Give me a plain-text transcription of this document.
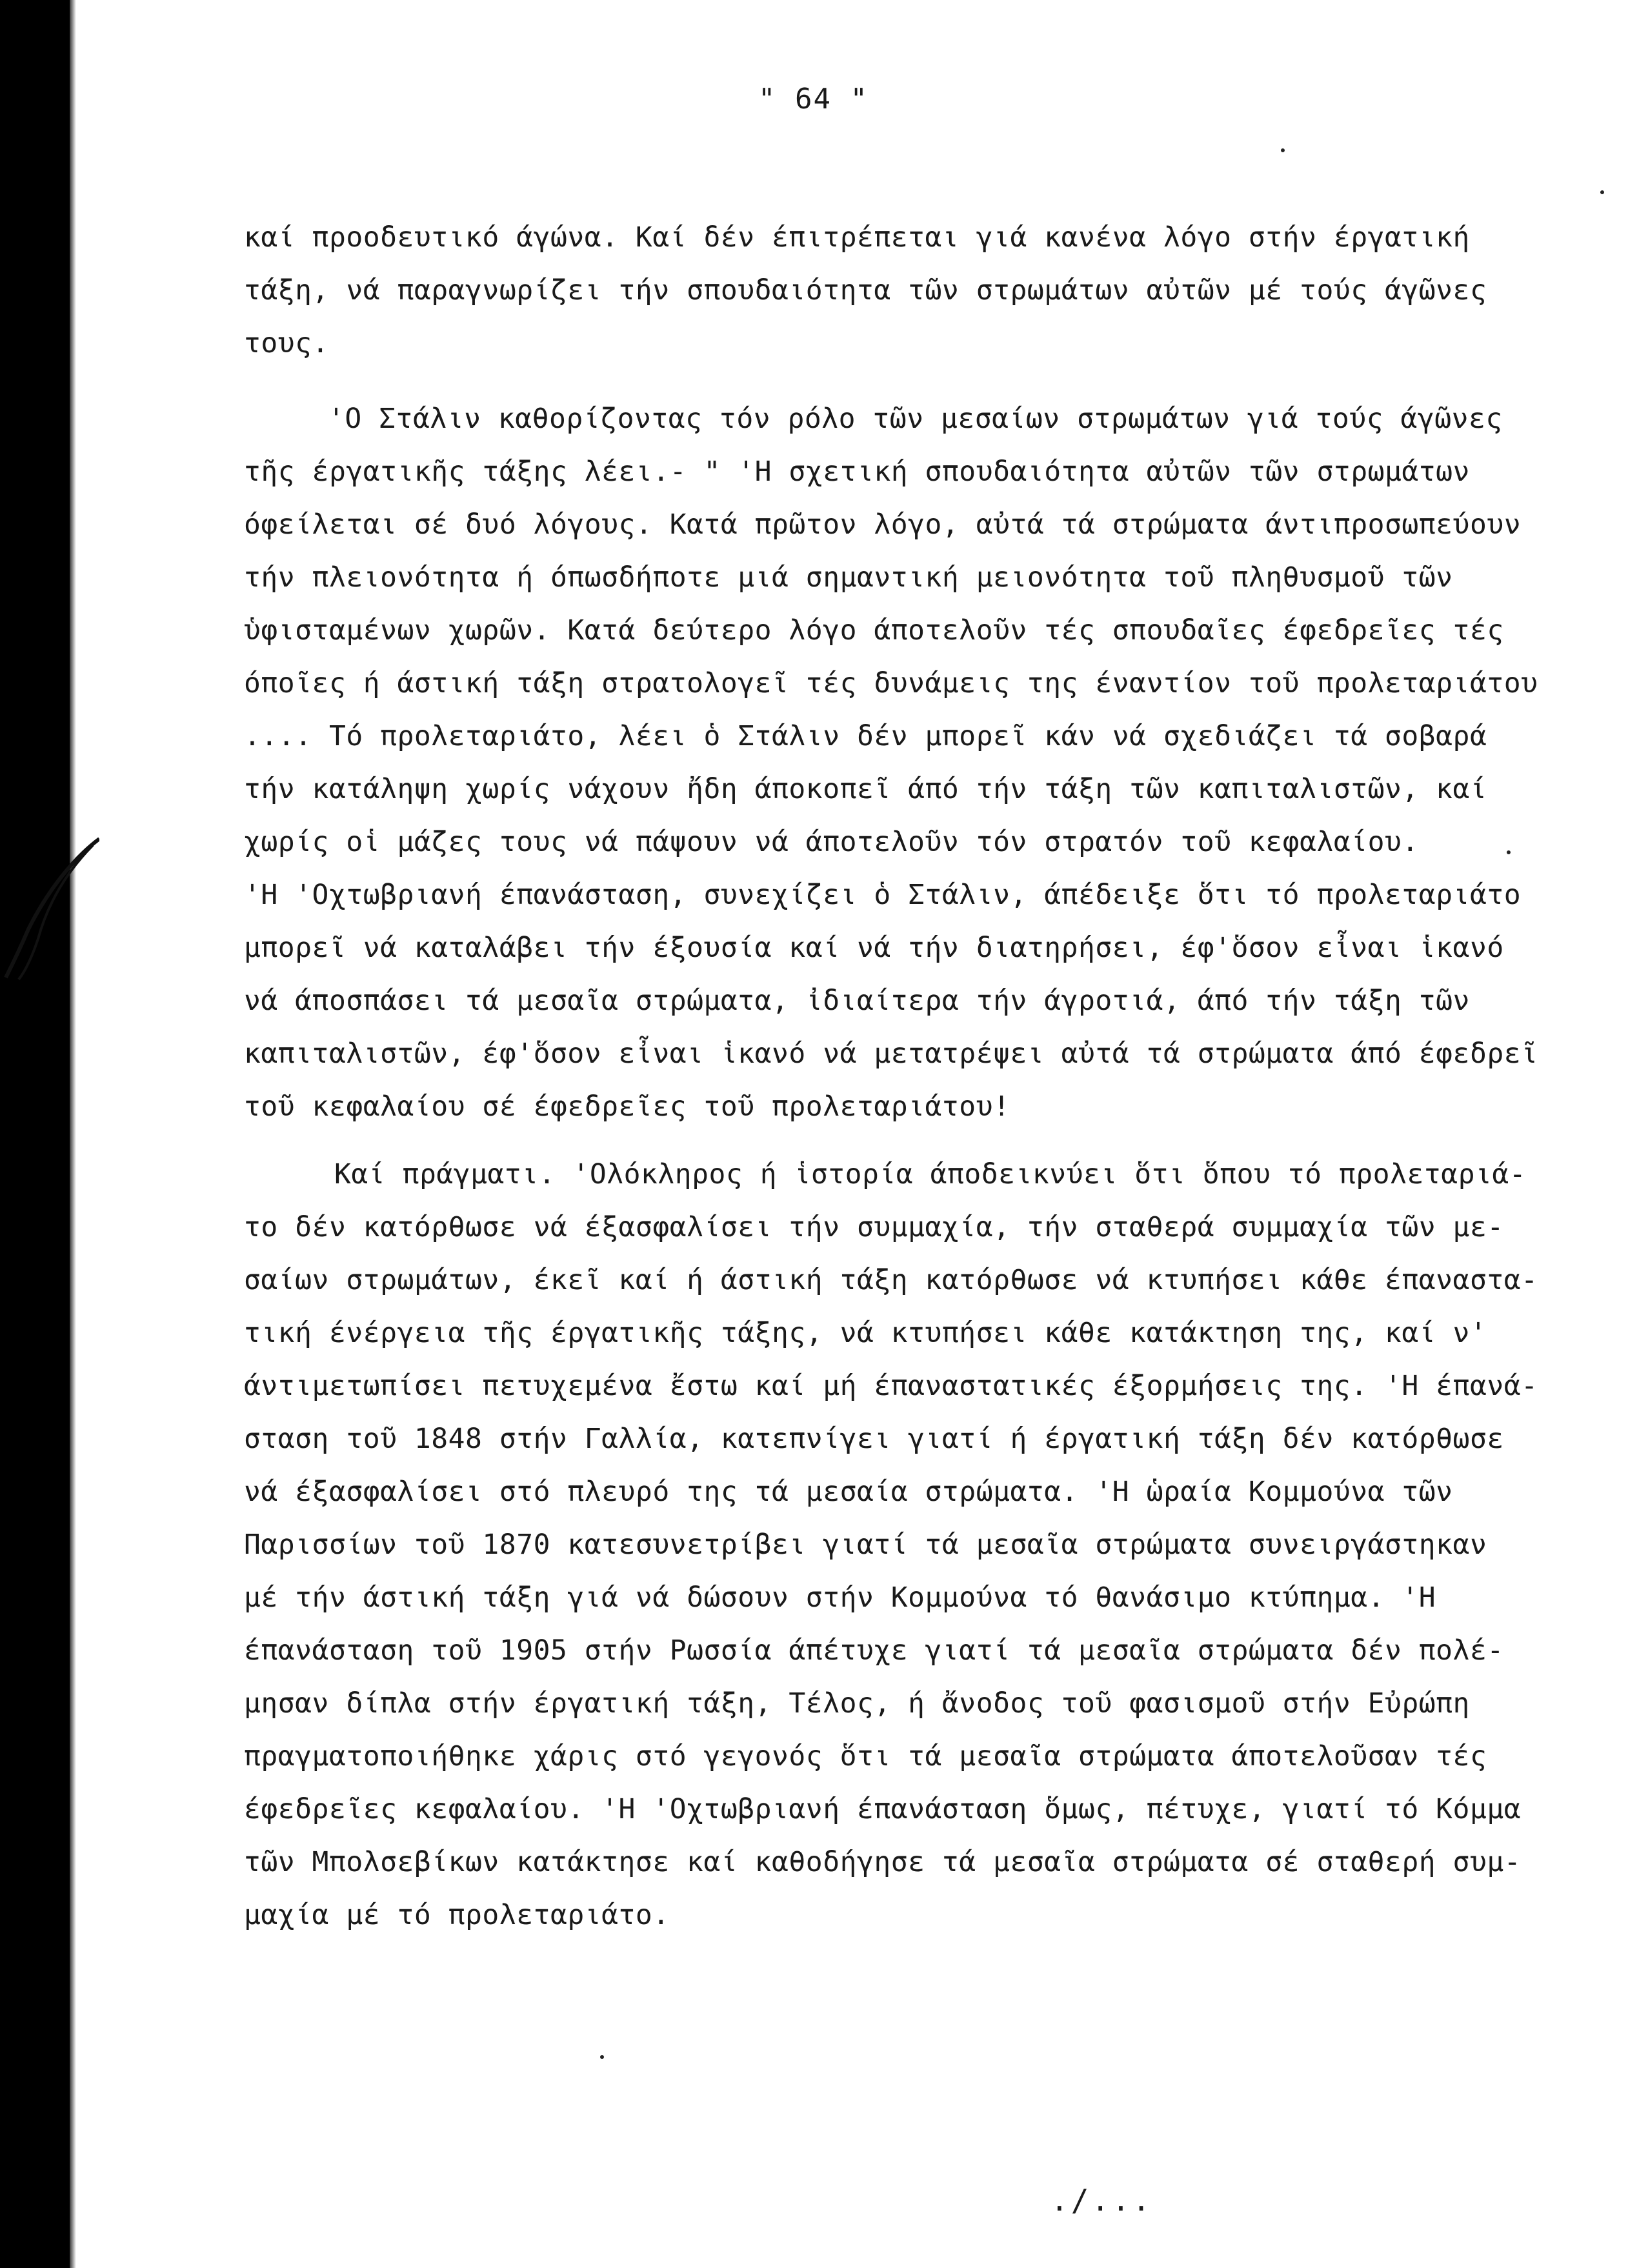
" 64 "
καί προοδευτικό άγώνα. Καί δέν έπιτρέπεται γιά κανένα λόγο στήν έργατική
τάξη, νά παραγνωρίζει τήν σπουδαιότητα τῶν στρωμάτων αὐτῶν μέ τούς άγῶνες
τους.
'Ο Στάλιν καθορίζοντας τόν ρόλο τῶν μεσαίων στρωμάτων γιά τούς άγῶνες
τῆς έργατικῆς τάξης λέει.- " 'Η σχετική σπουδαιότητα αὐτῶν τῶν στρωμάτων
όφείλεται σέ δυό λόγους. Κατά πρῶτον λόγο, αὐτά τά στρώματα άντιπροσωπεύουν
τήν πλειονότητα ή όπωσδήποτε μιά σημαντική μειονότητα τοῦ πληθυσμοῦ τῶν
ὑφισταμένων χωρῶν. Κατά δεύτερο λόγο άποτελοῦν τές σπουδαῖες έφεδρεῖες τές
όποῖες ή άστική τάξη στρατολογεῖ τές δυνάμεις της έναντίον τοῦ προλεταριάτου
.... Τό προλεταριάτο, λέει ὁ Στάλιν δέν μπορεῖ κάν νά σχεδιάζει τά σοβαρά
τήν κατάληψη χωρίς νάχουν ἤδη άποκοπεῖ άπό τήν τάξη τῶν καπιταλιστῶν, καί
χωρίς οἱ μάζες τους νά πάψουν νά άποτελοῦν τόν στρατόν τοῦ κεφαλαίου.
'Η 'Οχτωβριανή έπανάσταση, συνεχίζει ὁ Στάλιν, άπέδειξε ὅτι τό προλεταριάτο
μπορεῖ νά καταλάβει τήν έξουσία καί νά τήν διατηρήσει, έφ'ὅσον εἶναι ἱκανό
νά άποσπάσει τά μεσαῖα στρώματα, ἰδιαίτερα τήν άγροτιά, άπό τήν τάξη τῶν
καπιταλιστῶν, έφ'ὅσον εἶναι ἱκανό νά μετατρέψει αὐτά τά στρώματα άπό έφεδρεῖ
τοῦ κεφαλαίου σέ έφεδρεῖες τοῦ προλεταριάτου!
Καί πράγματι. 'Ολόκληρος ή ἱστορία άποδεικνύει ὅτι ὅπου τό προλεταριά-
το δέν κατόρθωσε νά έξασφαλίσει τήν συμμαχία, τήν σταθερά συμμαχία τῶν με-
σαίων στρωμάτων, έκεῖ καί ή άστική τάξη κατόρθωσε νά κτυπήσει κάθε έπαναστα-
τική ένέργεια τῆς έργατικῆς τάξης, νά κτυπήσει κάθε κατάκτηση της, καί ν'
άντιμετωπίσει πετυχεμένα ἔστω καί μή έπαναστατικές έξορμήσεις της. 'Η έπανά-
σταση τοῦ 1848 στήν Γαλλία, κατεπνίγει γιατί ή έργατική τάξη δέν κατόρθωσε
νά έξασφαλίσει στό πλευρό της τά μεσαία στρώματα. 'Η ὡραία Κομμούνα τῶν
Παρισσίων τοῦ 1870 κατεσυνετρίβει γιατί τά μεσαῖα στρώματα συνειργάστηκαν
μέ τήν άστική τάξη γιά νά δώσουν στήν Κομμούνα τό θανάσιμο κτύπημα. 'Η
έπανάσταση τοῦ 1905 στήν Ρωσσία άπέτυχε γιατί τά μεσαῖα στρώματα δέν πολέ-
μησαν δίπλα στήν έργατική τάξη, Τέλος, ή ἄνοδος τοῦ φασισμοῦ στήν Εὐρώπη
πραγματοποιήθηκε χάρις στό γεγονός ὅτι τά μεσαῖα στρώματα άποτελοῦσαν τές
έφεδρεῖες κεφαλαίου. 'Η 'Οχτωβριανή έπανάσταση ὅμως, πέτυχε, γιατί τό Κόμμα
τῶν Μπολσεβίκων κατάκτησε καί καθοδήγησε τά μεσαῖα στρώματα σέ σταθερή συμ-
μαχία μέ τό προλεταριάτο.
./...
